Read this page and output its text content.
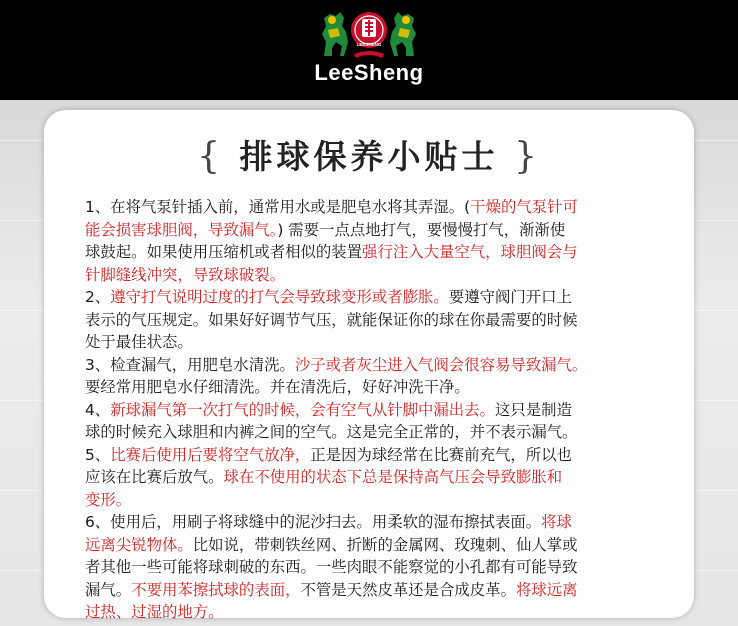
LEESHENG
LeeSheng
{ 排球保养小贴士 }

1、在将气泵针插入前，通常用水或是肥皂水将其弄湿。(干燥的气泵针可
能会损害球胆阀，导致漏气。) 需要一点点地打气，要慢慢打气，渐渐使
球鼓起。如果使用压缩机或者相似的装置强行注入大量空气，球胆阀会与
针脚缝线冲突，导致球破裂。

2、遵守打气说明过度的打气会导致球变形或者膨胀。要遵守阀门开口上
表示的气压规定。如果好好调节气压，就能保证你的球在你最需要的时候
处于最佳状态。

3、检查漏气，用肥皂水清洗。沙子或者灰尘进入气阀会很容易导致漏气。
要经常用肥皂水仔细清洗。并在清洗后，好好冲洗干净。

4、新球漏气第一次打气的时候，会有空气从针脚中漏出去。这只是制造
球的时候充入球胆和内裤之间的空气。这是完全正常的，并不表示漏气。

5、比赛后使用后要将空气放净，正是因为球经常在比赛前充气，所以也
应该在比赛后放气。球在不使用的状态下总是保持高气压会导致膨胀和
变形。

6、使用后，用刷子将球缝中的泥沙扫去。用柔软的湿布擦拭表面。将球
远离尖锐物体。比如说，带刺铁丝网、折断的金属网、玫瑰刺、仙人掌或
者其他一些可能将球刺破的东西。一些肉眼不能察觉的小孔都有可能导致
漏气。不要用苯擦拭球的表面，不管是天然皮革还是合成皮革。将球远离
过热、过湿的地方。
